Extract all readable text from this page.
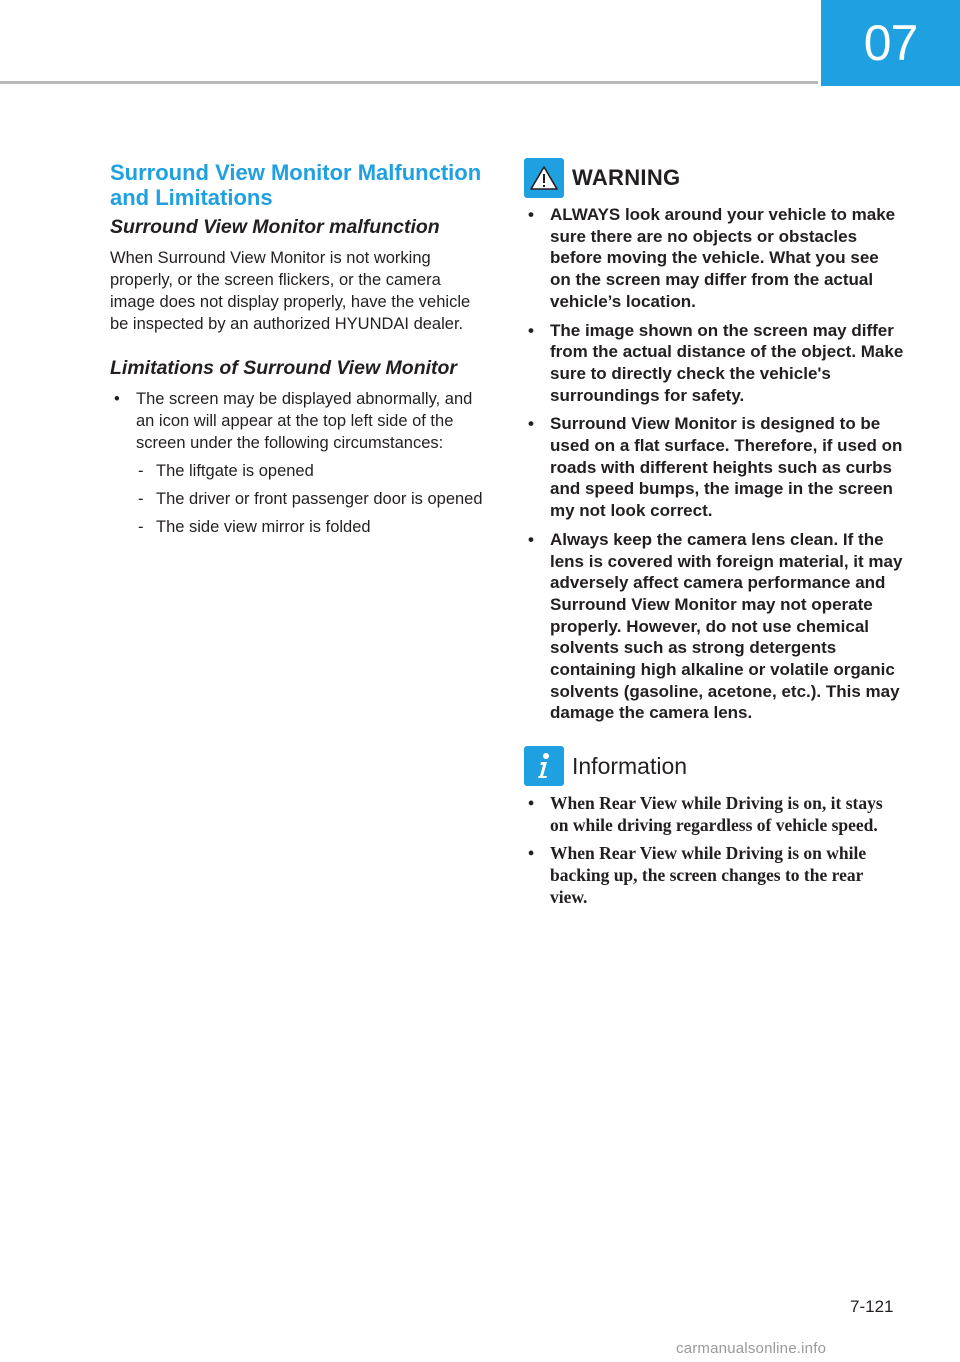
07
Surround View Monitor Malfunction and Limitations
Surround View Monitor malfunction

When Surround View Monitor is not working properly, or the screen flickers, or the camera image does not display properly, have the vehicle be inspected by an authorized HYUNDAI dealer.

Limitations of Surround View Monitor
• The screen may be displayed abnormally, and an icon will appear at the top left side of the screen under the following circumstances:
- The liftgate is opened
- The driver or front passenger door is opened
- The side view mirror is folded
WARNING
• ALWAYS look around your vehicle to make sure there are no objects or obstacles before moving the vehicle. What you see on the screen may differ from the actual vehicle’s location.
• The image shown on the screen may differ from the actual distance of the object. Make sure to directly check the vehicle's surroundings for safety.
• Surround View Monitor is designed to be used on a flat surface. Therefore, if used on roads with different heights such as curbs and speed bumps, the image in the screen my not look correct.
• Always keep the camera lens clean. If the lens is covered with foreign material, it may adversely affect camera performance and Surround View Monitor may not operate properly. However, do not use chemical solvents such as strong detergents containing high alkaline or volatile organic solvents (gasoline, acetone, etc.). This may damage the camera lens.
Information
• When Rear View while Driving is on, it stays on while driving regardless of vehicle speed.
• When Rear View while Driving is on while backing up, the screen changes to the rear view.
7-121
carmanualsonline.info
